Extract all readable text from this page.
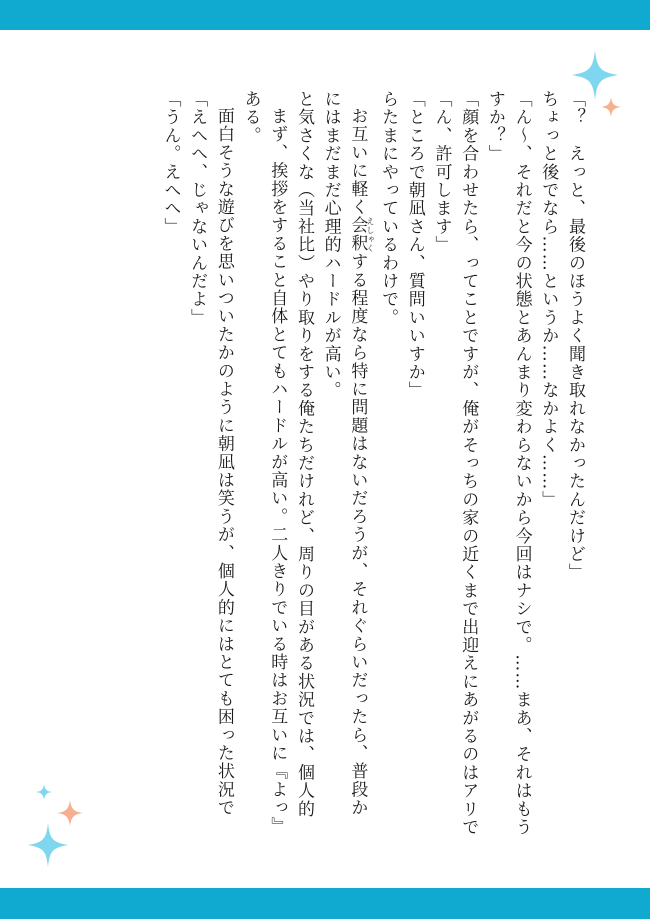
「？　えっと、最後のほうよく聞き取れなかったんだけど」
ちょっと後でなら……というか……なかよく……」
「ん〜、それだと今の状態とあんまり変わらないから今回はナシで。……まあ、それはもう
すか？」
「顔を合わせたら、ってことですが、俺がそっちの家の近くまで出迎えにあがるのはアリで
「ん、許可します」
「ところで朝凪さん、質問いいすか」
らたまにやっているわけで。
お互いに軽く会釈えしゃくする程度なら特に問題はないだろうが、それぐらいだったら、普段か
にはまだまだ心理的ハードルが高い。
と気さくな（当社比）やり取りをする俺たちだけれど、周りの目がある状況では、個人的
まず、挨拶をすること自体とてもハードルが高い。二人きりでいる時はお互いに『よっ』
ある。
面白そうな遊びを思いついたかのように朝凪は笑うが、個人的にはとても困った状況で
「えへへ、じゃないんだよ」
「うん。えへへ」
